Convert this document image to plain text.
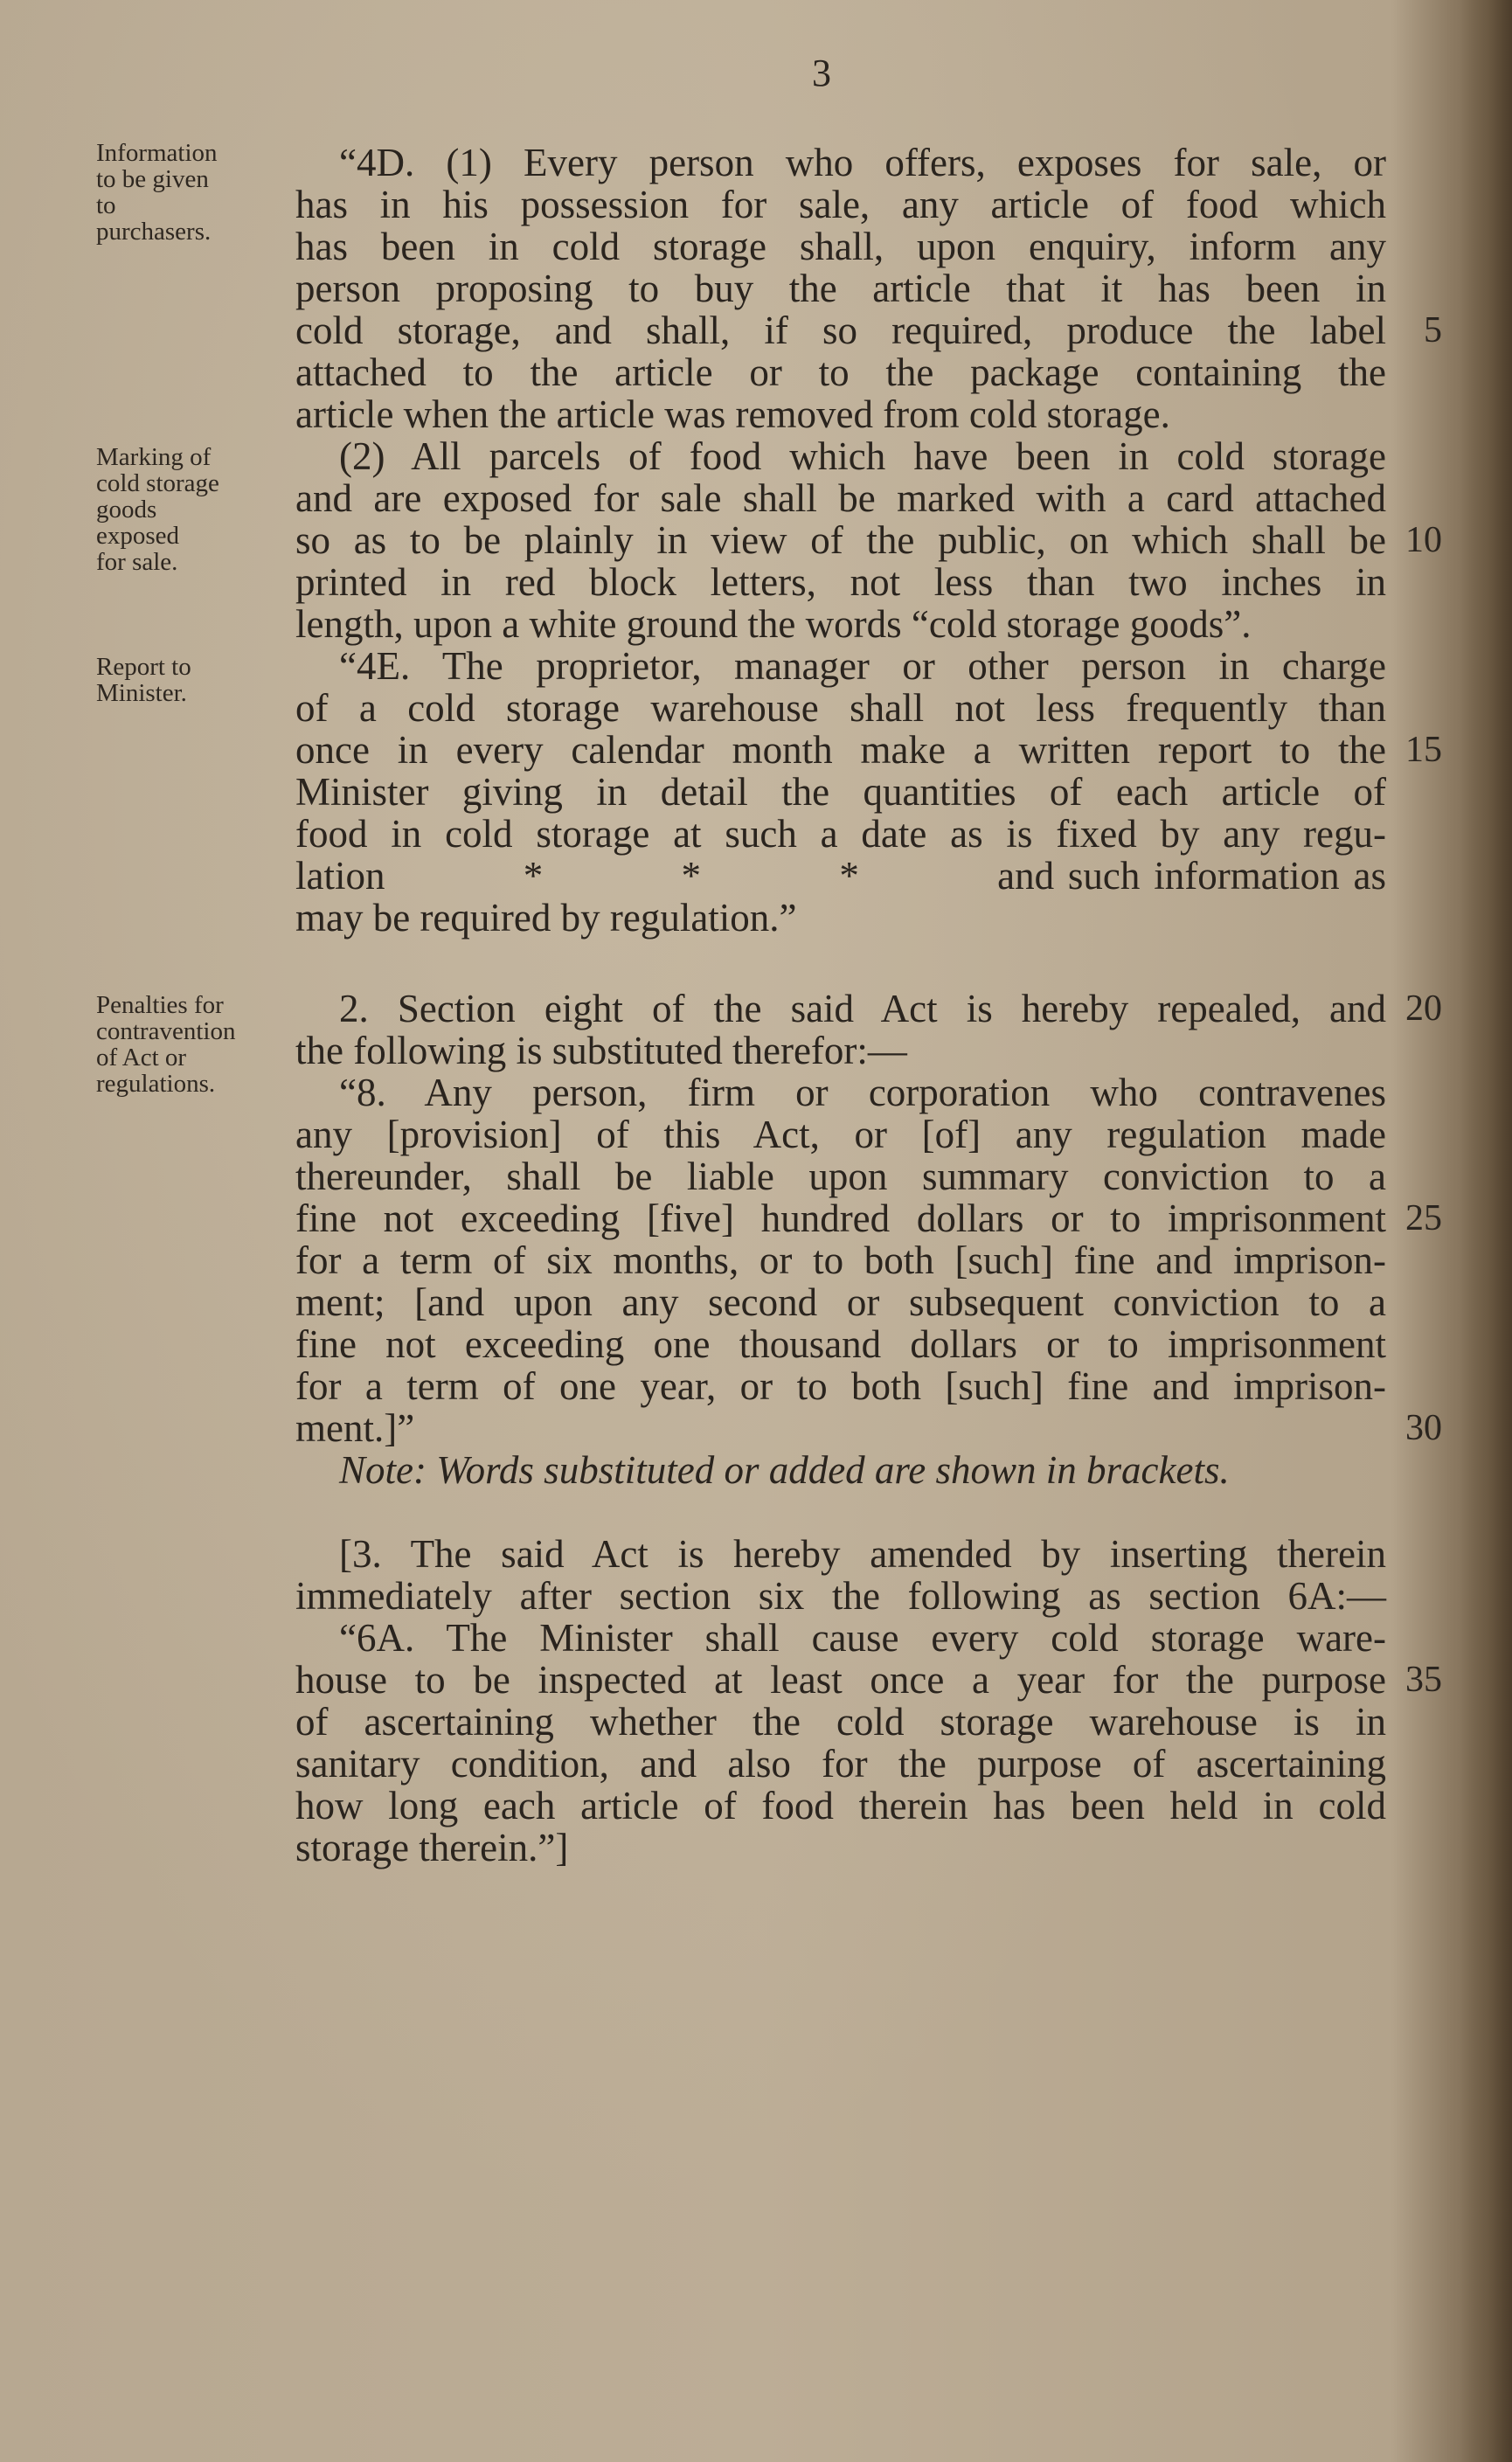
3
Information
to be given
to
purchasers.
Marking of
cold storage
goods
exposed
for sale.
Report to
Minister.
Penalties for
contravention
of Act or
regulations.
“4D. (1) Every person who offers, exposes for sale, or
has in his possession for sale, any article of food which
has been in cold storage shall, upon enquiry, inform any
person proposing to buy the article that it has been in
cold storage, and shall, if so required, produce the label
attached to the article or to the package containing the
article when the article was removed from cold storage.
(2) All parcels of food which have been in cold storage
and are exposed for sale shall be marked with a card attached
so as to be plainly in view of the public, on which shall be
printed in red block letters, not less than two inches in
length, upon a white ground the words “cold storage goods”.
“4E. The proprietor, manager or other person in charge
of a cold storage warehouse shall not less frequently than
once in every calendar month make a written report to the
Minister giving in detail the quantities of each article of
food in cold storage at such a date as is fixed by any regu-
lation          *          *          *          and such information as
may be required by regulation.”
2. Section eight of the said Act is hereby repealed, and
the following is substituted therefor:—
“8. Any person, firm or corporation who contravenes
any [provision] of this Act, or [of] any regulation made
thereunder, shall be liable upon summary conviction to a
fine not exceeding [five] hundred dollars or to imprisonment
for a term of six months, or to both [such] fine and imprison-
ment; [and upon any second or subsequent conviction to a
fine not exceeding one thousand dollars or to imprisonment
for a term of one year, or to both [such] fine and imprison-
ment.]”
Note: Words substituted or added are shown in brackets.
[3. The said Act is hereby amended by inserting therein
immediately after section six the following as section 6A:—
“6A. The Minister shall cause every cold storage ware-
house to be inspected at least once a year for the purpose
of ascertaining whether the cold storage warehouse is in
sanitary condition, and also for the purpose of ascertaining
how long each article of food therein has been held in cold
storage therein.”]
5
10
15
20
25
30
35
